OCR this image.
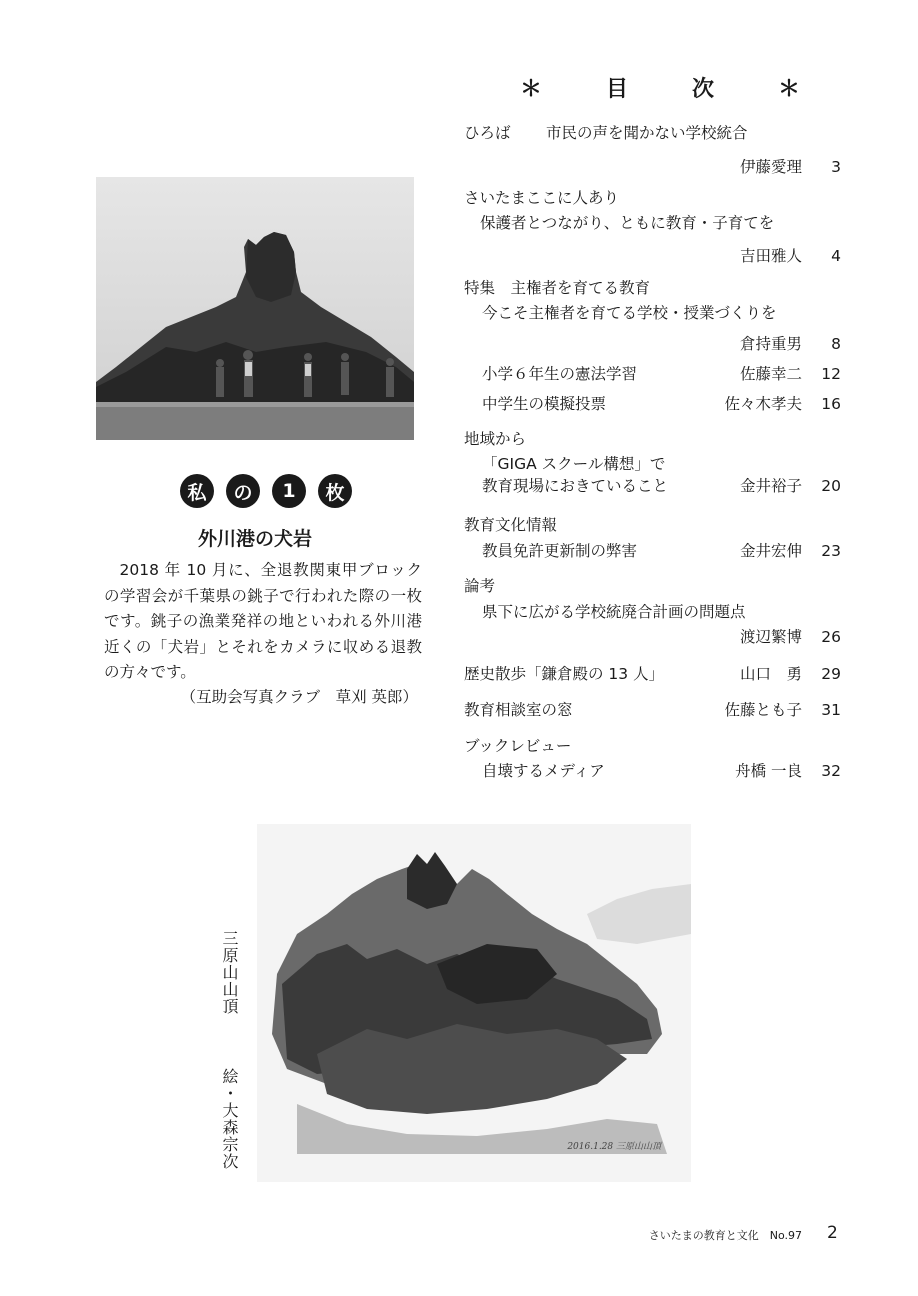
私	の	1	枚
外川港の犬岩
2018 年 10 月に、全退教関東甲ブロックの学習会が千葉県の銚子で行われた際の一枚です。銚子の漁業発祥の地といわれる外川港近くの「犬岩」とそれをカメラに収める退教の方々です。
（互助会写真クラブ　草刈 英郎）
＊	目	次	＊
ひろば 市民の声を聞かない学校統合
伊藤愛理	3
さいたまここに人あり
保護者とつながり、ともに教育・子育てを
吉田雅人	4
特集　主権者を育てる教育
今こそ主権者を育てる学校・授業づくりを
倉持重男	8
小学６年生の憲法学習	佐藤幸二	12
中学生の模擬投票	佐々木孝夫	16
地域から
「GIGA スクール構想」で
教育現場におきていること	金井裕子	20
教育文化情報
教員免許更新制の弊害	金井宏伸	23
論考
県下に広がる学校統廃合計画の問題点
渡辺繁博	26
歴史散歩「鎌倉殿の 13 人」	山口　勇	29
教育相談室の窓	佐藤とも子	31
ブックレビュー
自壊するメディア	舟橋 一良	32
三原山山頂
絵・大森宗次	2016.1.28 三原山山頂
さいたまの教育と文化　No.97 2
